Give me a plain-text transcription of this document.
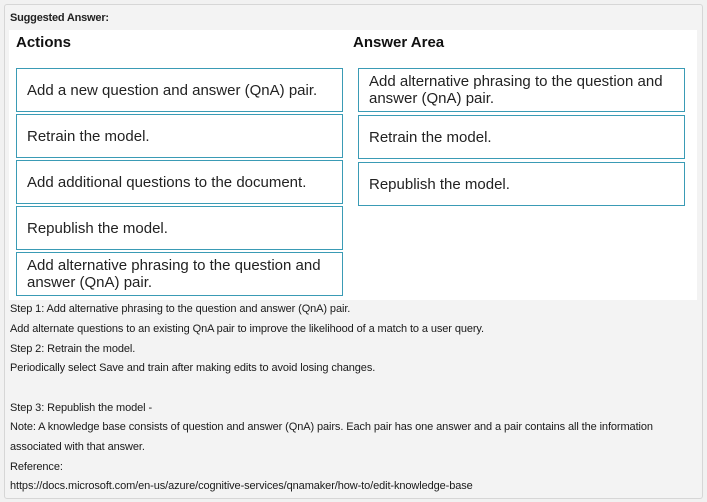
Suggested Answer:
Actions	Answer Area
Add a new question and answer (QnA) pair.
Retrain the model.
Add additional questions to the document.
Republish the model.
Add alternative phrasing to the question and answer (QnA) pair.
Add alternative phrasing to the question and answer (QnA) pair.
Retrain the model.
Republish the model.
Step 1: Add alternative phrasing to the question and answer (QnA) pair.
Add alternate questions to an existing QnA pair to improve the likelihood of a match to a user query.
Step 2: Retrain the model.
Periodically select Save and train after making edits to avoid losing changes.
Step 3: Republish the model -
Note: A knowledge base consists of question and answer (QnA) pairs. Each pair has one answer and a pair contains all the information
associated with that answer.
Reference:
https://docs.microsoft.com/en-us/azure/cognitive-services/qnamaker/how-to/edit-knowledge-base
